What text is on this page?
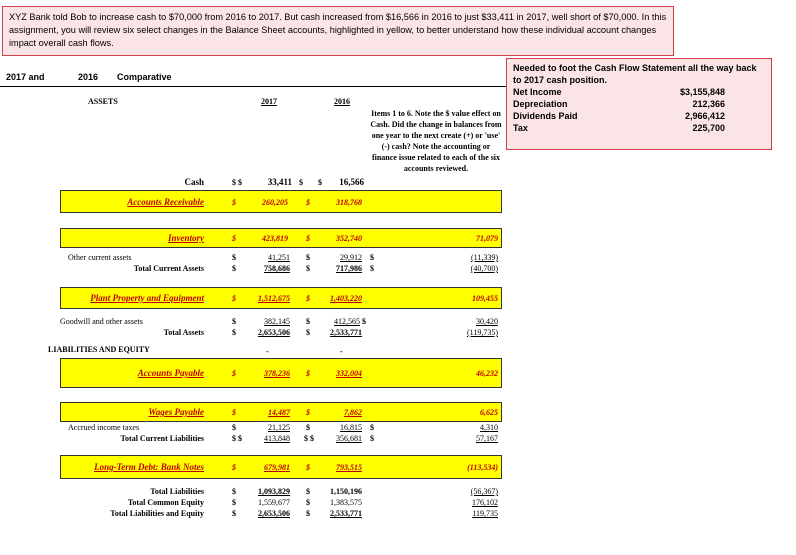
XYZ Bank told Bob to increase cash to $70,000 from 2016 to 2017. But cash increased from $16,566 in 2016 to just $33,411 in 2017, well short of $70,000. In this assignment, you will review six select changes in the Balance Sheet accounts, highlighted in yellow, to better understand how these individual account changes impact overall cash flows.
Needed to foot the Cash Flow Statement all the way back to 2017 cash position.
Net Income	$3,155,848
Depreciation	212,366
Dividends Paid	2,966,412
Tax	225,700
2017 and	2016 Comparative
ASSETS	2017	2016
Items 1 to 6. Note the $ value effect on Cash. Did the change in balances from one year to the next create (+) or 'use' (-) cash? Note the accounting or finance issue related to each of the six accounts reviewed.
Cash	$ $	33,411 $ $	16,566
Accounts Receivable	$	260,205 $	318,768
Inventory	$	423,819 $	352,740	71,079
Other current assets	$	41,251 $	29,912 $	(11,339)
Total Current Assets	$	758,686 $	717,986 $	(40,700)
Plant Property and Equipment	$	1,512,675 $	1,403,220	109,455
Goodwill and other assets	$	382,145 $	412,565 $	30,420
Total Assets	$	2,653,506 $	2,533,771	(119,735)
LIABILITIES AND EQUITY	-	-
Accounts Payable	$	378,236 $	332,004	46,232
Wages Payable	$	14,487 $	7,862	6,625
Accrued income taxes	$	21,125 $	16,815 $	4,310
Total Current Liabilities	$ $	413,848 $ $	356,681 $	57,167
Long-Term Debt: Bank Notes	$	679,981 $	793,515	(113,534)
Total Liabilities	$	1,093,829 $	1,150,196	(56,367)
Total Common Equity	$	1,559,677 $	1,383,575	176,102
Total Liabilities and Equity	$	2,653,506 $	2,533,771	119,735
